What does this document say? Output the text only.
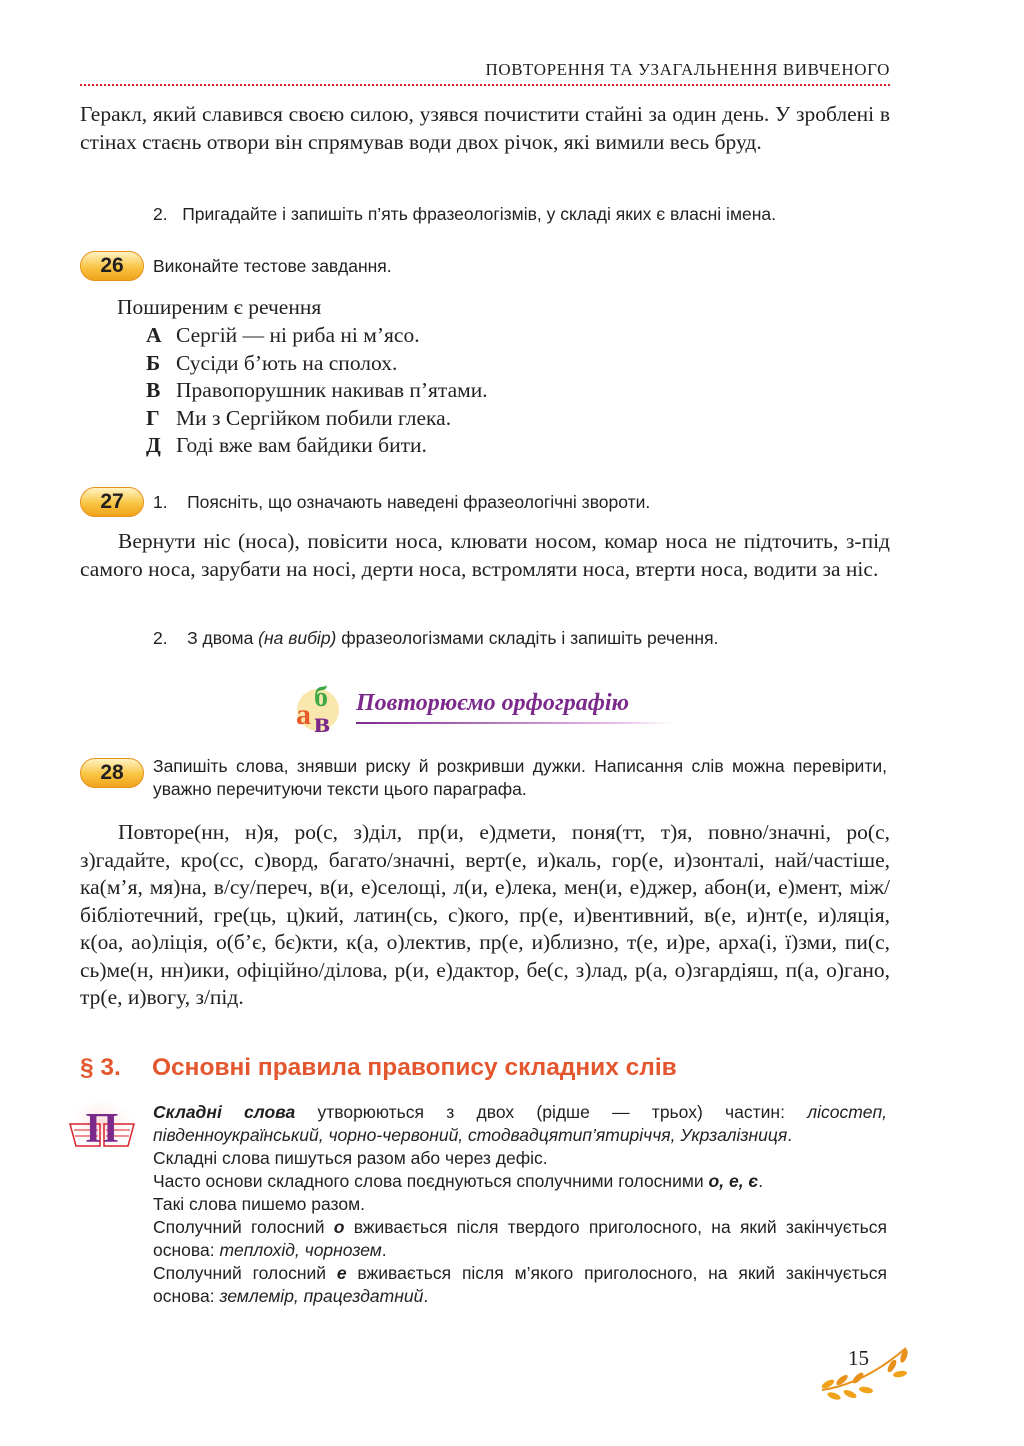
ПОВТОРЕННЯ ТА УЗАГАЛЬНЕННЯ ВИВЧЕНОГО

Геракл, який славився своєю силою, узявся почистити стайні за один день. У зроблені в стінах стаєнь отвори він спрямував води двох річок, які вимили весь бруд.

2. Пригадайте і запишіть п’ять фразеологізмів, у складі яких є власні імена.

26	Виконайте тестове завдання.

Поширеним є речення
А Сергій — ні риба ні м’ясо.
Б Сусіди б’ють на сполох.
В Правопорушник накивав п’ятами.
Г Ми з Сергійком побили глека.
Д Годі вже вам байдики бити.
27	1. Поясніть, що означають наведені фразеологічні звороти.

Вернути ніс (носа), повісити носа, клювати носом, комар носа не підточить, з-під самого носа, зарубати на носі, дерти носа, встромляти носа, втерти носа, водити за ніс.

2. З двома (на вибір) фразеологізмами складіть і запишіть речення.

а
б
в
Повторюємо орфографію
28	Запишіть слова, знявши риску й розкривши дужки. Написання слів можна перевірити, уважно перечитуючи тексти цього параграфа.

Повторе(нн, н)я, ро(с, з)діл, пр(и, е)дмети, поня(тт, т)я, повно/значні, ро(с, з)гадайте, кро(сс, с)ворд, багато/значні, верт(е, и)каль, гор(е, и)зонталі, най/частіше, ка(м’я, мя)на, в/су/переч, в(и, е)селощі, л(и, е)лека, мен(и, е)джер, абон(и, е)мент, між/бібліотечний, гре(ць, ц)кий, латин(сь, с)кого, пр(е, и)вентивний, в(е, и)нт(е, и)ляція, к(оа, ао)ліція, о(б’є, бє)кти, к(а, о)лектив, пр(е, и)близно, т(е, и)ре, арха(і, ї)зми, пи(с, сь)ме(н, нн)ики, офіційно/ділова, р(и, е)дактор, бе(с, з)лад, р(а, о)згардіяш, п(а, о)гано, тр(е, и)вогу, з/під.

§ 3. Основні правила правопису складних слів
П Складні слова утворюються з двох (рідше — трьох) частин: лісостеп, південноукраїнський, чорно-червоний, стодвадцятип’ятиріччя, Укрзалізниця.

Складні слова пишуться разом або через дефіс.

Часто основи складного слова поєднуються сполучними голосними о, е, є.

Такі слова пишемо разом.

Сполучний голосний о вживається після твердого приголосного, на який закінчується основа: теплохід, чорнозем.

Сполучний голосний е вживається після м’якого приголосного, на який закінчується основа: землемір, працездатний.

15
